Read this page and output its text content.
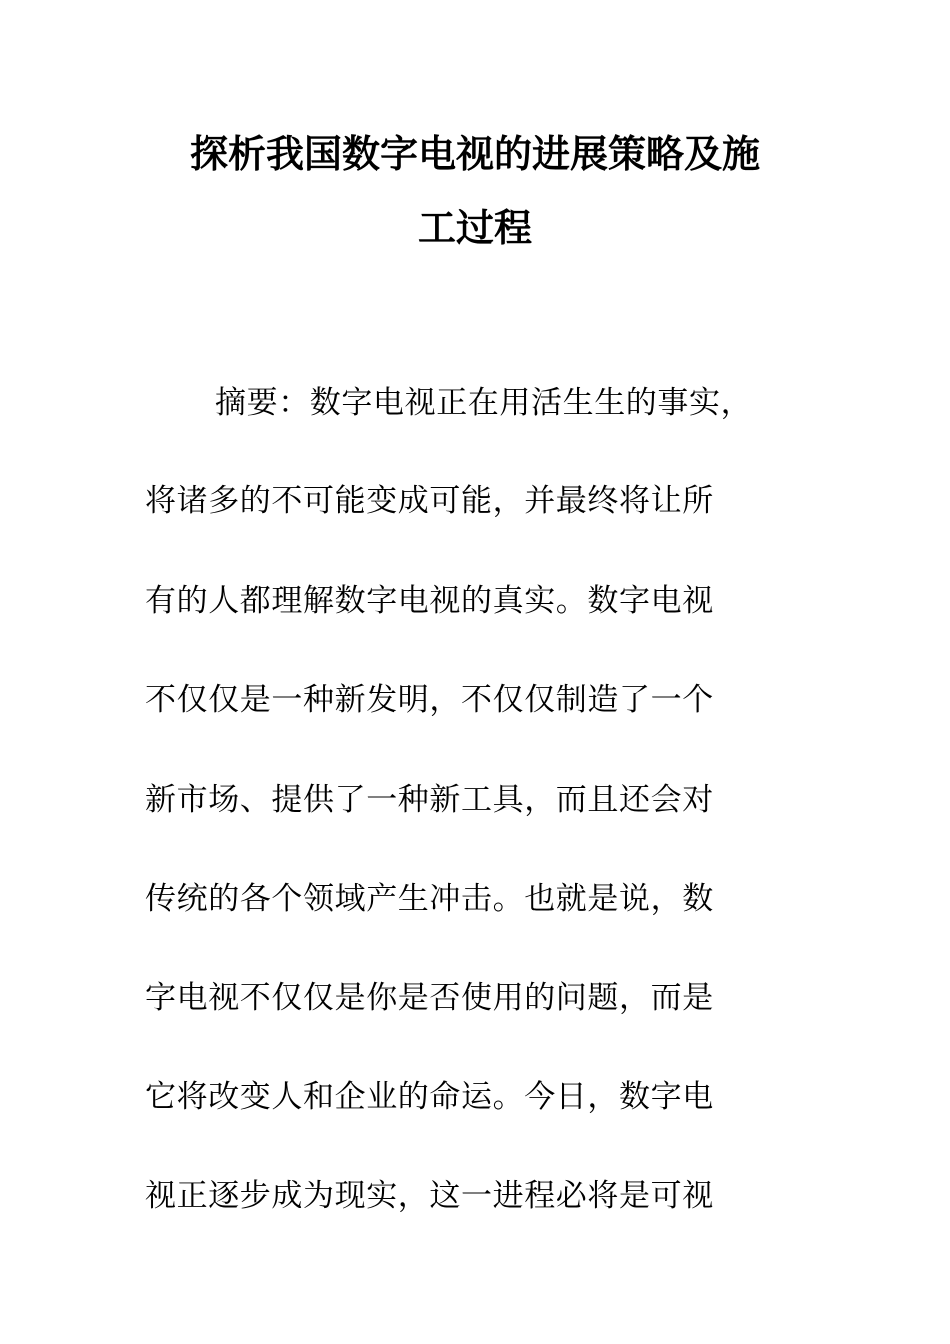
探析我国数字电视的进展策略及施
工过程
摘要：数字电视正在用活生生的事实，
将诸多的不可能变成可能，并最终将让所
有的人都理解数字电视的真实。数字电视
不仅仅是一种新发明，不仅仅制造了一个
新市场、提供了一种新工具，而且还会对
传统的各个领域产生冲击。也就是说，数
字电视不仅仅是你是否使用的问题，而是
它将改变人和企业的命运。今日，数字电
视正逐步成为现实，这一进程必将是可视
